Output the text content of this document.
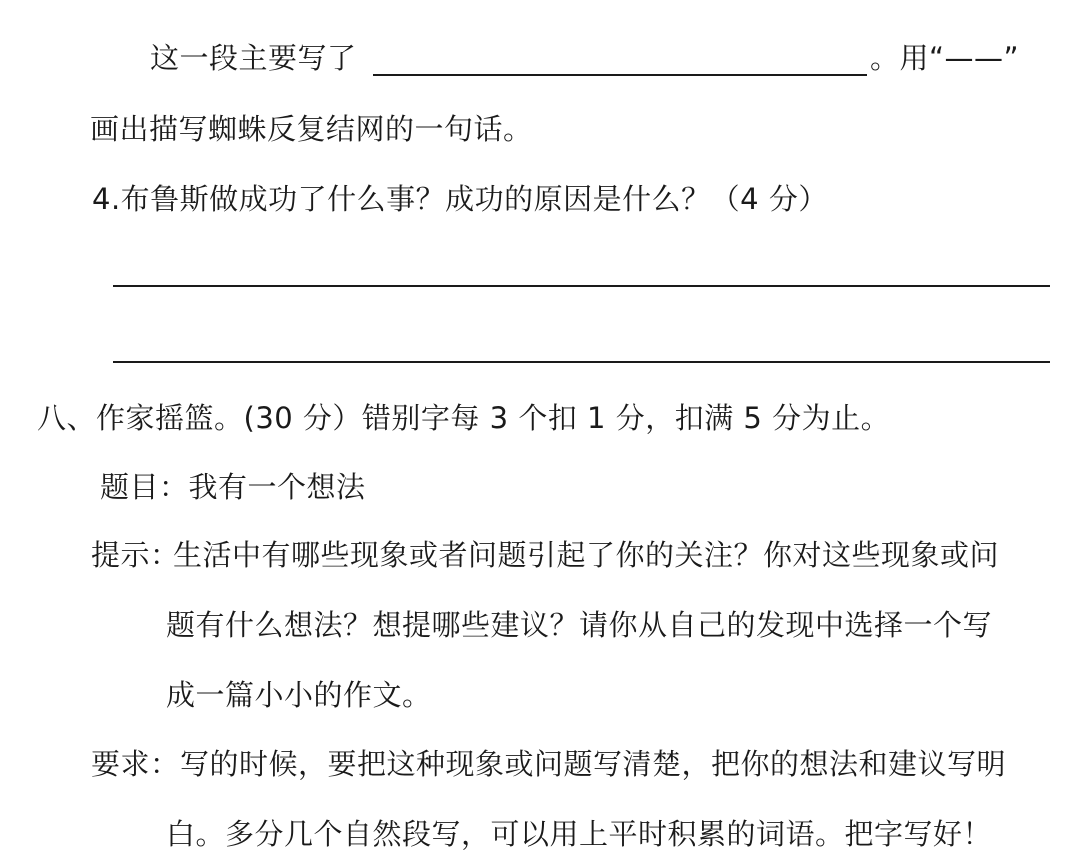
这一段主要写了	。用“——”
画出描写蜘蛛反复结网的一句话。
4.布鲁斯做成功了什么事？成功的原因是什么？（4 分）
八、作家摇篮。(30 分）错别字每 3 个扣 1 分，扣满 5 分为止。
题目：我有一个想法
提示：
生活中有哪些现象或者问题引起了你的关注？你对这些现象或问
题有什么想法？想提哪些建议？请你从自己的发现中选择一个写
成一篇小小的作文。
要求： 写的时候，要把这种现象或问题写清楚，把你的想法和建议写明
白。多分几个自然段写，可以用上平时积累的词语。把字写好！
